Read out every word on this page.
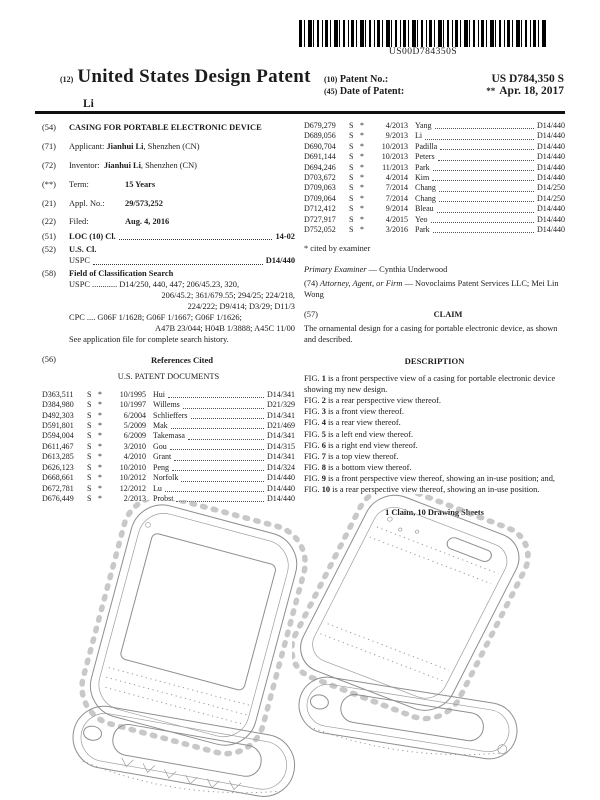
US00D784350S
(12) United States Design Patent (10) Patent No.:	US D784,350 S
(45) Date of Patent:	** Apr. 18, 2017
Li
(54)	CASING FOR PORTABLE ELECTRONIC DEVICE
(71)	Applicant: Jianhui Li, Shenzhen (CN)
(72)	Inventor: Jianhui Li, Shenzhen (CN)
(**)	Term:	15 Years
(21)	Appl. No.: 29/573,252
(22)	Filed:	Aug. 4, 2016
(51)	LOC (10) Cl.	14-02
(52)	U.S. Cl.
USPC	D14/440
(58)	Field of Classification Search
USPC ............ D14/250, 440, 447; 206/45.23, 320,
206/45.2; 361/679.55; 294/25; 224/218,
224/222; D9/414; D3/29; D11/3
CPC .... G06F 1/1628; G06F 1/1667; G06F 1/1626;
A47B 23/044; H04B 1/3888; A45C 11/00
See application file for complete search history.
(56)	References Cited
U.S. PATENT DOCUMENTS
D363,511	S *	10/1995 Hui	D14/341
D384,980	S *	10/1997 Willems	D21/329
D492,303	S *	6/2004 Schlieffers	D14/341
D591,801	S *	5/2009 Mak	D21/469
D594,004	S *	6/2009 Takemasa	D14/341
D611,467	S *	3/2010 Gou	D14/315
D613,285	S *	4/2010 Grant	D14/341
D626,123	S *	10/2010 Peng	D14/324
D668,661	S *	10/2012 Norfolk	D14/440
D672,781	S *	12/2012 Lu	D14/440
D676,449	S *	2/2013 Probst	D14/440
D679,279	S *	4/2013 Yang	D14/440
D689,056	S *	9/2013 Li	D14/440
D690,704	S *	10/2013 Padilla	D14/440
D691,144	S *	10/2013 Peters	D14/440
D694,246	S *	11/2013 Park	D14/440
D703,672	S *	4/2014 Kim	D14/440
D709,063	S *	7/2014 Chang	D14/250
D709,064	S *	7/2014 Chang	D14/250
D712,412	S *	9/2014 Bleau	D14/440
D727,917	S *	4/2015 Yeo	D14/440
D752,052	S *	3/2016 Park	D14/440
* cited by examiner
Primary Examiner — Cynthia Underwood
(74) Attorney, Agent, or Firm — Novoclaims Patent Services LLC; Mei Lin Wong
(57)	CLAIM
The ornamental design for a casing for portable electronic device, as shown and described.
DESCRIPTION
FIG. 1 is a front perspective view of a casing for portable electronic device showing my new design.
FIG. 2 is a rear perspective view thereof.
FIG. 3 is a front view thereof.
FIG. 4 is a rear view thereof.
FIG. 5 is a left end view thereof.
FIG. 6 is a right end view thereof.
FIG. 7 is a top view thereof.
FIG. 8 is a bottom view thereof.
FIG. 9 is a front perspective view thereof, showing an in-use position; and,
FIG. 10 is a rear perspective view thereof, showing an in-use position.
1 Claim, 10 Drawing Sheets
